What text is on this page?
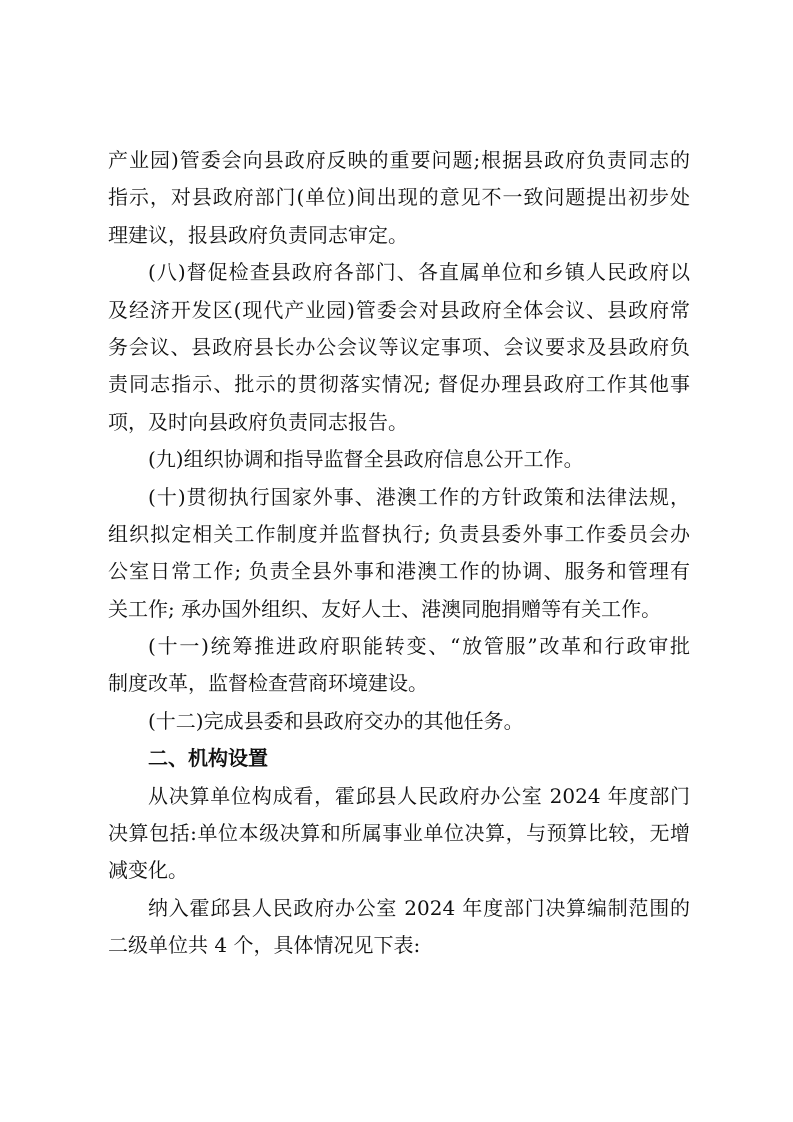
产业园)管委会向县政府反映的重要问题;根据县政府负责同志的
指示，对县政府部门(单位)间出现的意见不一致问题提出初步处
理建议，报县政府负责同志审定。
(八)督促检查县政府各部门、各直属单位和乡镇人民政府以
及经济开发区(现代产业园)管委会对县政府全体会议、县政府常
务会议、县政府县长办公会议等议定事项、会议要求及县政府负
责同志指示、批示的贯彻落实情况; 督促办理县政府工作其他事
项，及时向县政府负责同志报告。
(九)组织协调和指导监督全县政府信息公开工作。
(十)贯彻执行国家外事、港澳工作的方针政策和法律法规，
组织拟定相关工作制度并监督执行; 负责县委外事工作委员会办
公室日常工作; 负责全县外事和港澳工作的协调、服务和管理有
关工作; 承办国外组织、友好人士、港澳同胞捐赠等有关工作。
(十一)统筹推进政府职能转变、“放管服”改革和行政审批
制度改革，监督检查营商环境建设。
(十二)完成县委和县政府交办的其他任务。
二、机构设置
从决算单位构成看，霍邱县人民政府办公室 2024 年度部门
决算包括:单位本级决算和所属事业单位决算，与预算比较，无增
减变化。
纳入霍邱县人民政府办公室 2024 年度部门决算编制范围的
二级单位共 4 个，具体情况见下表:
